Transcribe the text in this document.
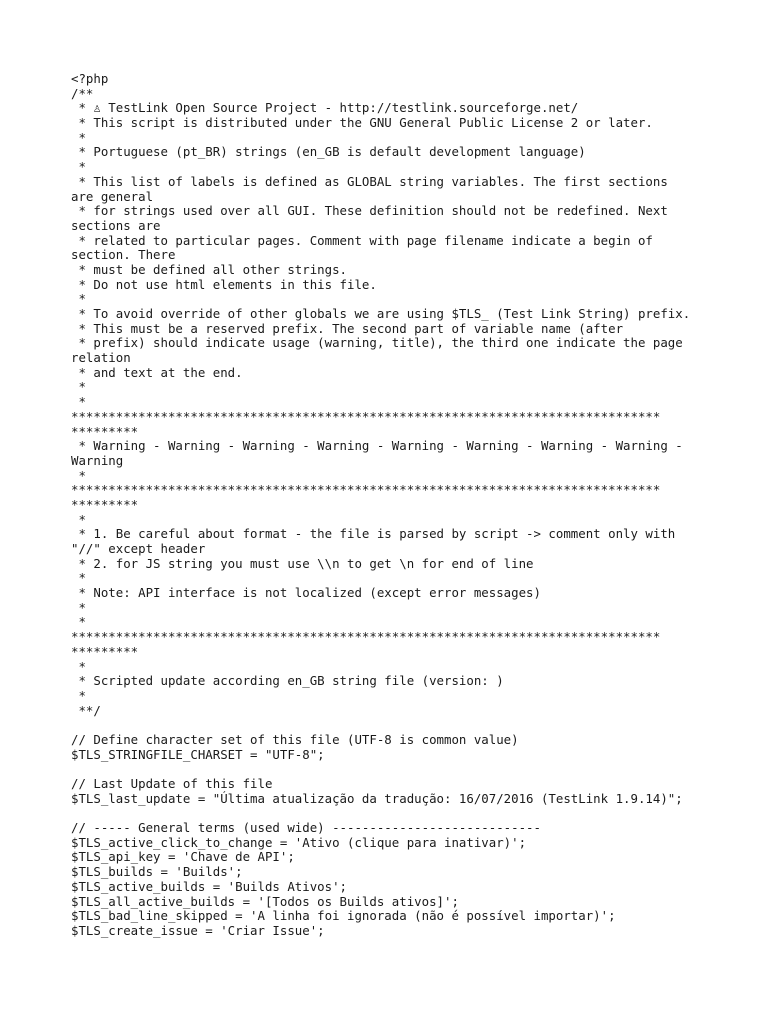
<?php
/**
* ♙ TestLink Open Source Project - http://testlink.sourceforge.net/
* This script is distributed under the GNU General Public License 2 or later.
*
* Portuguese (pt_BR) strings (en_GB is default development language)
*
* This list of labels is defined as GLOBAL string variables. The first sections
are general
* for strings used over all GUI. These definition should not be redefined. Next
sections are
* related to particular pages. Comment with page filename indicate a begin of
section. There
* must be defined all other strings.
* Do not use html elements in this file.
*
* To avoid override of other globals we are using $TLS_ (Test Link String) prefix.
* This must be a reserved prefix. The second part of variable name (after
* prefix) should indicate usage (warning, title), the third one indicate the page
relation
* and text at the end.
*
*
*******************************************************************************
*********
* Warning - Warning - Warning - Warning - Warning - Warning - Warning - Warning -
Warning
*
*******************************************************************************
*********
*
* 1. Be careful about format - the file is parsed by script -> comment only with
"//" except header
* 2. for JS string you must use \\n to get \n for end of line
*
* Note: API interface is not localized (except error messages)
*
*
*******************************************************************************
*********
*
* Scripted update according en_GB string file (version: )
*
**/
// Define character set of this file (UTF-8 is common value)
$TLS_STRINGFILE_CHARSET = "UTF-8";
// Last Update of this file
$TLS_last_update = "Última atualização da tradução: 16/07/2016 (TestLink 1.9.14)";
// ----- General terms (used wide) ----------------------------
$TLS_active_click_to_change = 'Ativo (clique para inativar)';
$TLS_api_key = 'Chave de API';
$TLS_builds = 'Builds';
$TLS_active_builds = 'Builds Ativos';
$TLS_all_active_builds = '[Todos os Builds ativos]';
$TLS_bad_line_skipped = 'A linha foi ignorada (não é possível importar)';
$TLS_create_issue = 'Criar Issue';
